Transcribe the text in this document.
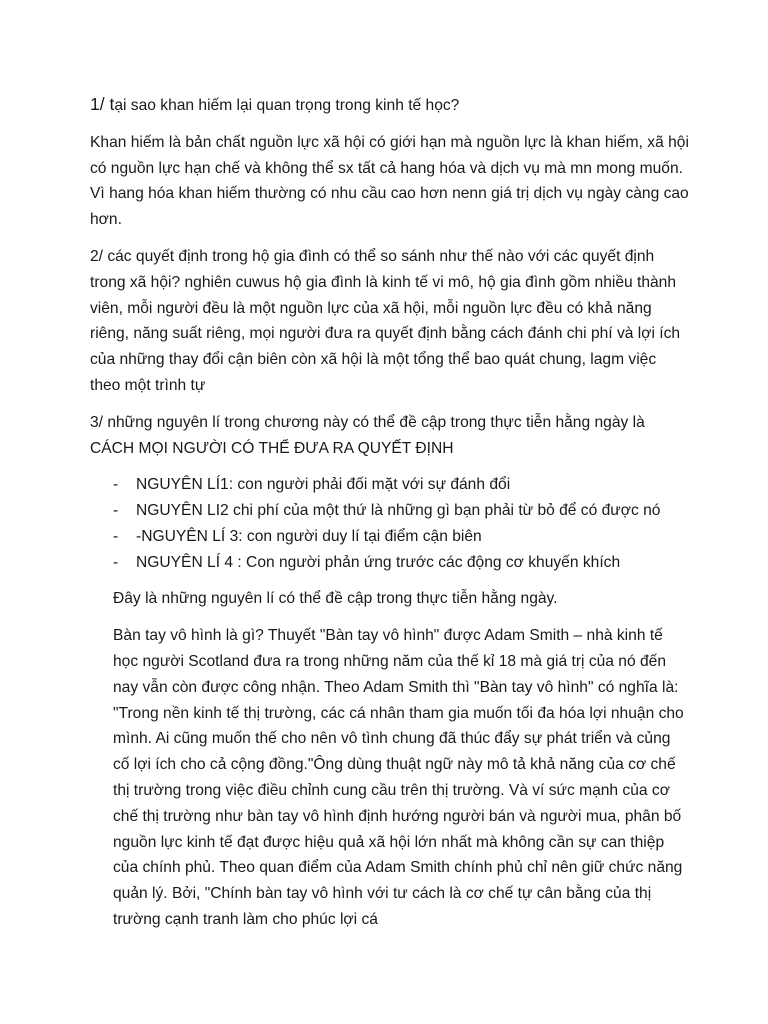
1/ tại sao khan hiếm lại quan trọng trong kinh tế học?

Khan hiếm là bản chất nguồn lực xã hội có giới hạn mà nguồn lực là khan hiếm, xã hội có nguồn lực hạn chế và không thể sx tất cả hang hóa và dịch vụ mà mn mong muốn. Vì hang hóa khan hiếm thường có nhu cầu cao hơn nenn giá trị dịch vụ ngày càng cao hơn.

2/ các quyết định trong hộ gia đình có thể so sánh như thế nào với các quyết định trong xã hội? nghiên cuwus hộ gia đình là kinh tế vi mô, hộ gia đình gồm nhiều thành viên, mỗi người đều là một nguồn lực của xã hội, mỗi nguồn lực đều có khả năng riêng, năng suất riêng, mọi người đưa ra quyết định bằng cách đánh chi phí và lợi ích của những thay đổi cận biên còn xã hội là một tổng thể bao quát chung, lagm việc theo một trình tự

3/ những nguyên lí trong chương này có thể đề cập trong thực tiễn hằng ngày là CÁCH MỌI NGƯỜI CÓ THỂ ĐƯA RA QUYẾT ĐỊNH

- NGUYÊN LÍ1: con người phải đối mặt với sự đánh đổi
- NGUYÊN LI2 chi phí của một thứ là những gì bạn phải từ bỏ để có được nó
- -NGUYÊN LÍ 3: con người duy lí tại điểm cận biên
- NGUYÊN LÍ 4 : Con người phản ứng trước các động cơ khuyến khích

Đây là những nguyên lí có thể đề cập trong thực tiễn hằng ngày.

Bàn tay vô hình là gì? Thuyết "Bàn tay vô hình" được Adam Smith – nhà kinh tế học người Scotland đưa ra trong những năm của thế kỉ 18 mà giá trị của nó đến nay vẫn còn được công nhận. Theo Adam Smith thì "Bàn tay vô hình" có nghĩa là: "Trong nền kinh tế thị trường, các cá nhân tham gia muốn tối đa hóa lợi nhuận cho mình. Ai cũng muốn thế cho nên vô tình chung đã thúc đẩy sự phát triển và củng cố lợi ích cho cả cộng đồng."Ông dùng thuật ngữ này mô tả khả năng của cơ chế thị trường trong việc điều chỉnh cung cầu trên thị trường. Và ví sức mạnh của cơ chế thị trường như bàn tay vô hình định hướng người bán và người mua, phân bố nguồn lực kinh tế đạt được hiệu quả xã hội lớn nhất mà không cần sự can thiệp của chính phủ. Theo quan điểm của Adam Smith chính phủ chỉ nên giữ chức năng quản lý. Bởi, "Chính bàn tay vô hình với tư cách là cơ chế tự cân bằng của thị trường cạnh tranh làm cho phúc lợi cá
